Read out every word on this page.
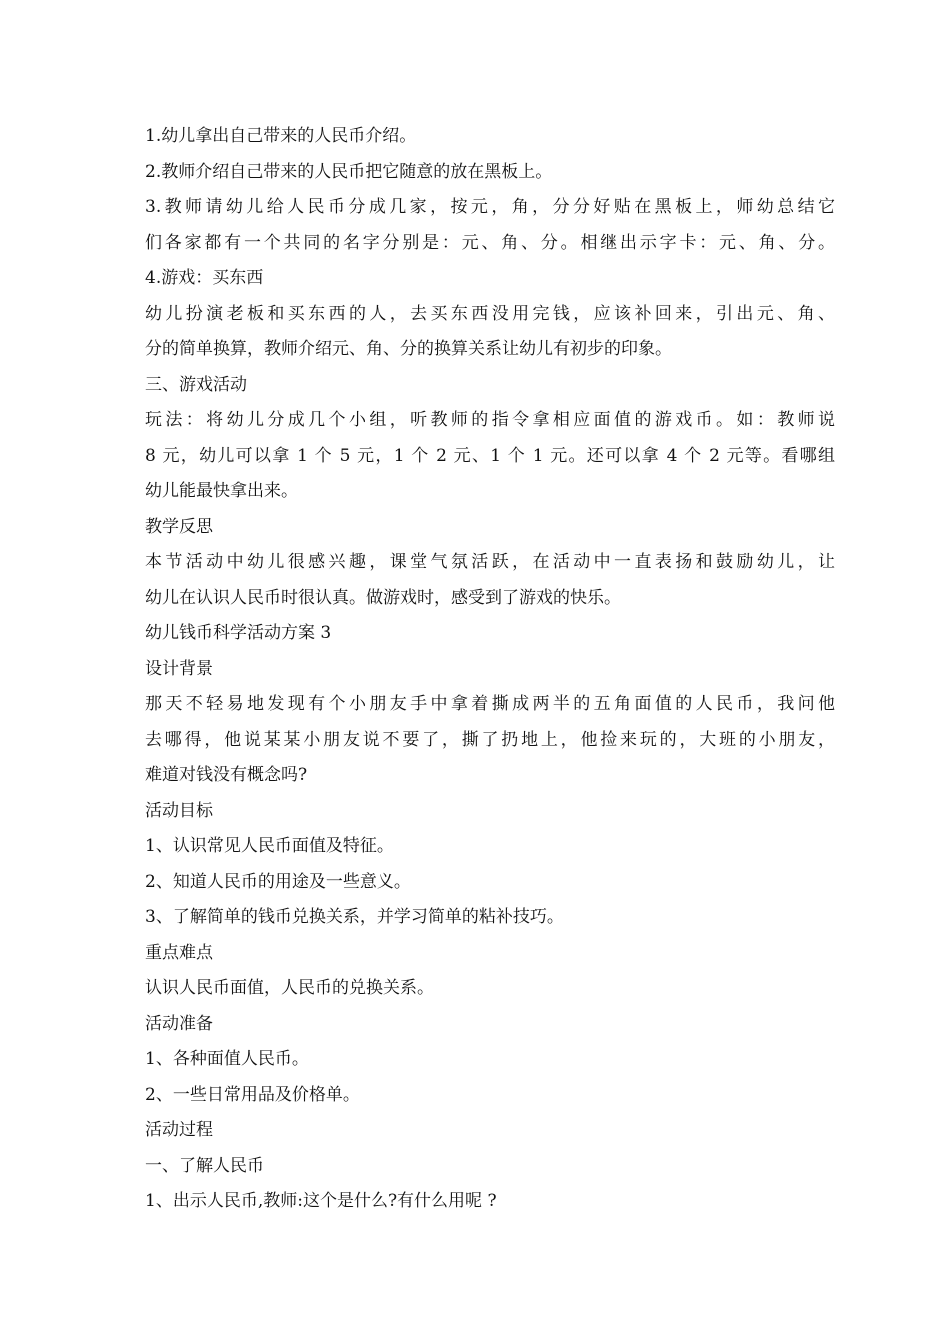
1.幼儿拿出自己带来的人民币介绍。
2.教师介绍自己带来的人民币把它随意的放在黑板上。
3.教师请幼儿给人民币分成几家，按元，角，分分好贴在黑板上，师幼总结它
们各家都有一个共同的名字分别是：元、角、分。相继出示字卡：元、角、分。
4.游戏：买东西
幼儿扮演老板和买东西的人，去买东西没用完钱，应该补回来，引出元、角、
分的简单换算，教师介绍元、角、分的换算关系让幼儿有初步的印象。
三、游戏活动
玩法：将幼儿分成几个小组，听教师的指令拿相应面值的游戏币。如：教师说
8 元，幼儿可以拿 1 个 5 元，1 个 2 元、1 个 1 元。还可以拿 4 个 2 元等。看哪组
幼儿能最快拿出来。
教学反思
本节活动中幼儿很感兴趣，课堂气氛活跃，在活动中一直表扬和鼓励幼儿，让
幼儿在认识人民币时很认真。做游戏时，感受到了游戏的快乐。
幼儿钱币科学活动方案 3
设计背景
那天不轻易地发现有个小朋友手中拿着撕成两半的五角面值的人民币，我问他
去哪得，他说某某小朋友说不要了，撕了扔地上，他捡来玩的，大班的小朋友，
难道对钱没有概念吗?
活动目标
1、认识常见人民币面值及特征。
2、知道人民币的用途及一些意义。
3、了解简单的钱币兑换关系，并学习简单的粘补技巧。
重点难点
认识人民币面值，人民币的兑换关系。
活动准备
1、各种面值人民币。
2、一些日常用品及价格单。
活动过程
一、了解人民币
1、出示人民币,教师:这个是什么?有什么用呢 ?
